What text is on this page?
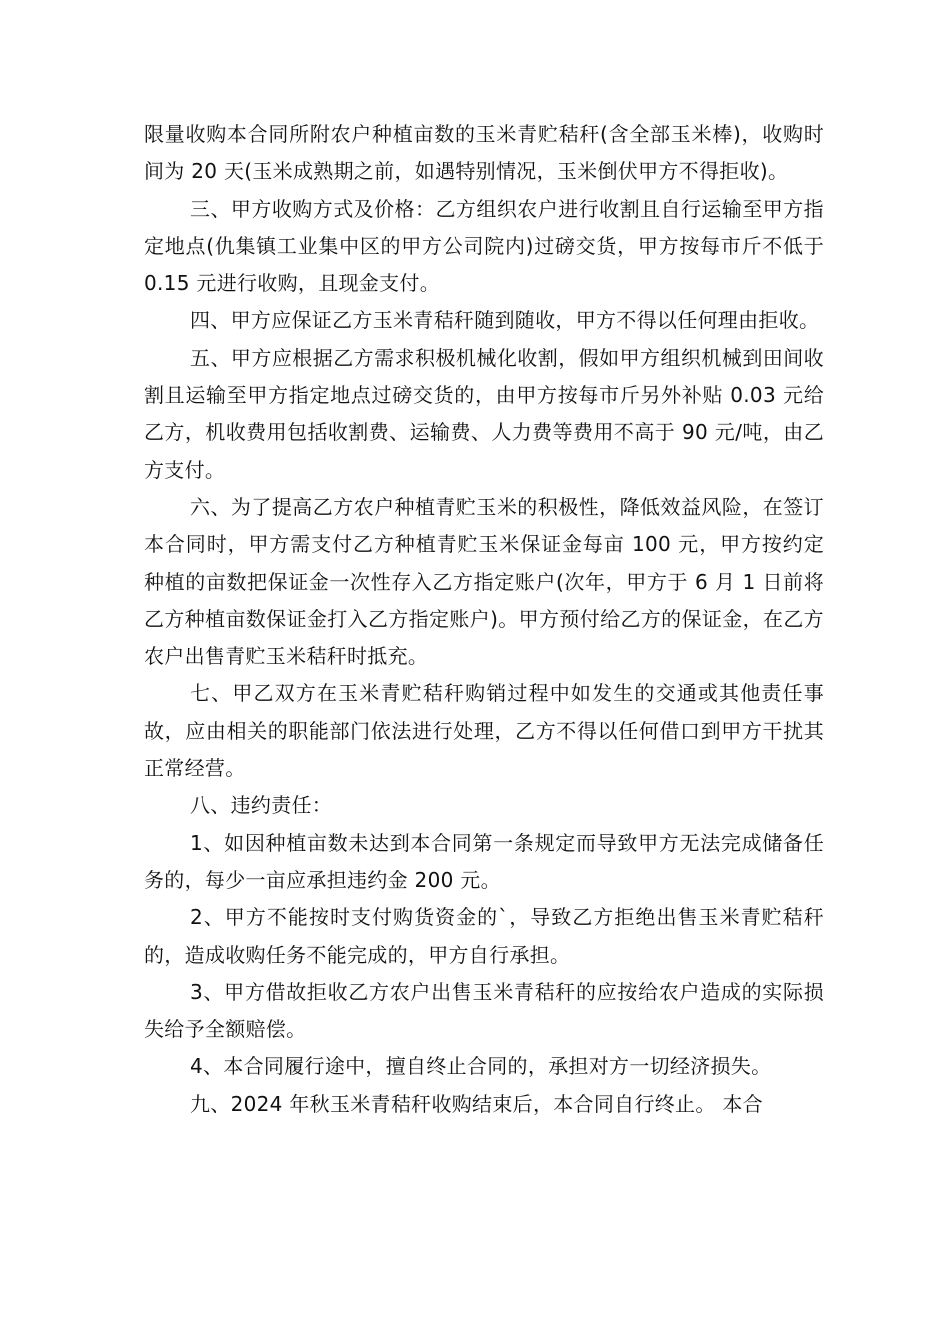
限量收购本合同所附农户种植亩数的玉米青贮秸秆(含全部玉米棒)，收购时间为 20 天(玉米成熟期之前，如遇特别情况，玉米倒伏甲方不得拒收)。

三、甲方收购方式及价格：乙方组织农户进行收割且自行运输至甲方指定地点(仇集镇工业集中区的甲方公司院内)过磅交货，甲方按每市斤不低于 0.15 元进行收购，且现金支付。

四、甲方应保证乙方玉米青秸秆随到随收，甲方不得以任何理由拒收。

五、甲方应根据乙方需求积极机械化收割，假如甲方组织机械到田间收割且运输至甲方指定地点过磅交货的，由甲方按每市斤另外补贴 0.03 元给乙方，机收费用包括收割费、运输费、人力费等费用不高于 90 元/吨，由乙方支付。

六、为了提高乙方农户种植青贮玉米的积极性，降低效益风险，在签订本合同时，甲方需支付乙方种植青贮玉米保证金每亩 100 元，甲方按约定种植的亩数把保证金一次性存入乙方指定账户(次年，甲方于 6 月 1 日前将乙方种植亩数保证金打入乙方指定账户)。甲方预付给乙方的保证金，在乙方农户出售青贮玉米秸秆时抵充。

七、甲乙双方在玉米青贮秸秆购销过程中如发生的交通或其他责任事故，应由相关的职能部门依法进行处理，乙方不得以任何借口到甲方干扰其正常经营。

八、违约责任：

1、如因种植亩数未达到本合同第一条规定而导致甲方无法完成储备任务的，每少一亩应承担违约金 200 元。

2、甲方不能按时支付购货资金的`，导致乙方拒绝出售玉米青贮秸秆的，造成收购任务不能完成的，甲方自行承担。

3、甲方借故拒收乙方农户出售玉米青秸秆的应按给农户造成的实际损失给予全额赔偿。

4、本合同履行途中，擅自终止合同的，承担对方一切经济损失。

九、2024 年秋玉米青秸秆收购结束后，本合同自行终止。 本合
